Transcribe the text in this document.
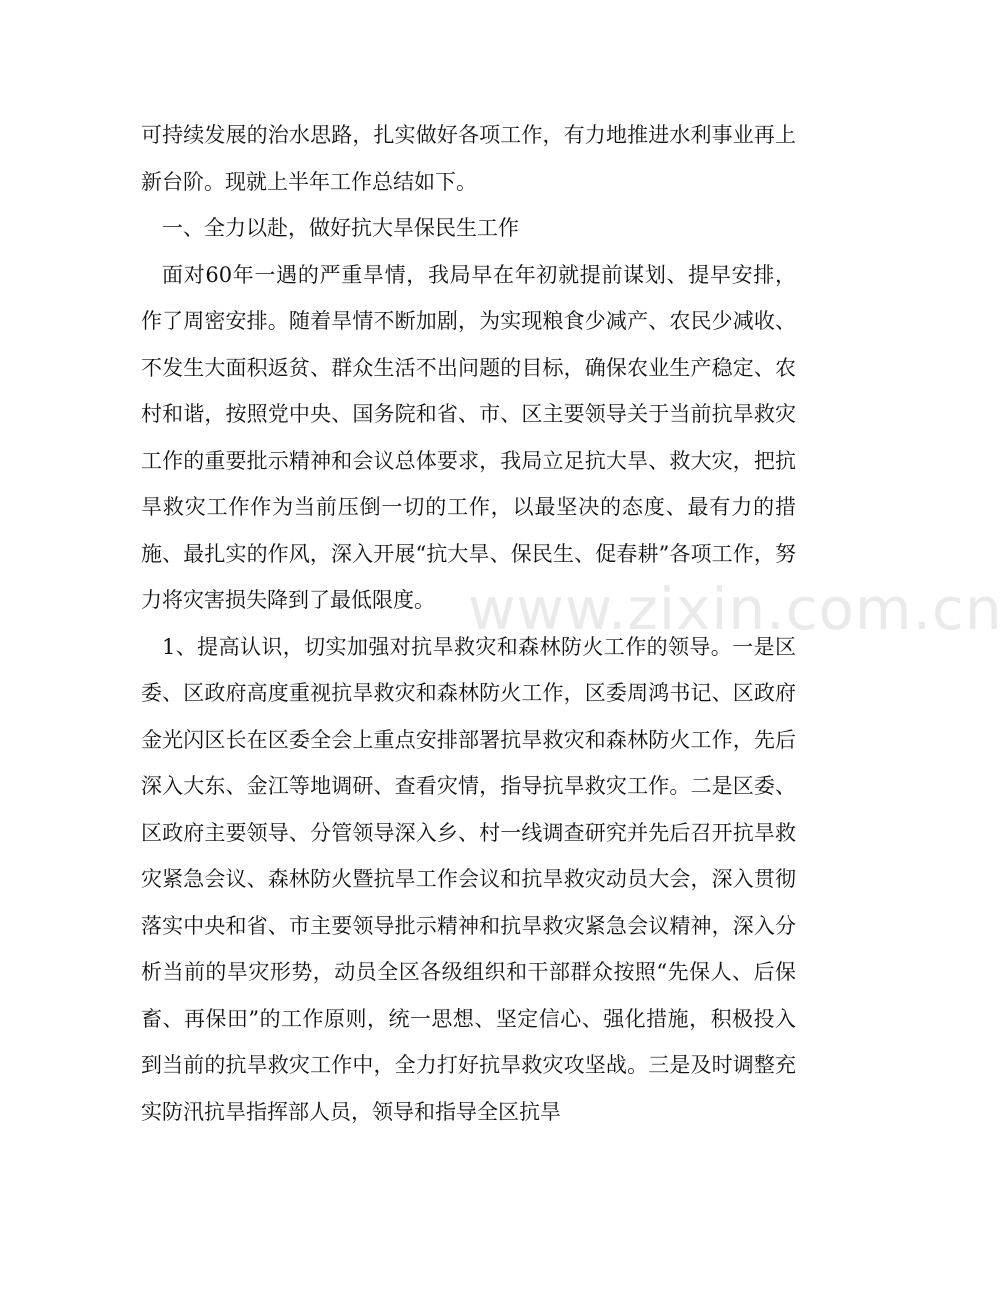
可持续发展的治水思路，扎实做好各项工作，有力地推进水利事业再上新台阶。现就上半年工作总结如下。

一、全力以赴，做好抗大旱保民生工作

面对60年一遇的严重旱情，我局早在年初就提前谋划、提早安排，作了周密安排。随着旱情不断加剧，为实现粮食少减产、农民少减收、不发生大面积返贫、群众生活不出问题的目标，确保农业生产稳定、农村和谐，按照党中央、国务院和省、市、区主要领导关于当前抗旱救灾工作的重要批示精神和会议总体要求，我局立足抗大旱、救大灾，把抗旱救灾工作作为当前压倒一切的工作，以最坚决的态度、最有力的措施、最扎实的作风，深入开展“抗大旱、保民生、促春耕”各项工作，努力将灾害损失降到了最低限度。

1、提高认识，切实加强对抗旱救灾和森林防火工作的领导。一是区委、区政府高度重视抗旱救灾和森林防火工作，区委周鸿书记、区政府金光闪区长在区委全会上重点安排部署抗旱救灾和森林防火工作，先后深入大东、金江等地调研、查看灾情，指导抗旱救灾工作。二是区委、区政府主要领导、分管领导深入乡、村一线调查研究并先后召开抗旱救灾紧急会议、森林防火暨抗旱工作会议和抗旱救灾动员大会，深入贯彻落实中央和省、市主要领导批示精神和抗旱救灾紧急会议精神，深入分析当前的旱灾形势，动员全区各级组织和干部群众按照“先保人、后保畜、再保田”的工作原则，统一思想、坚定信心、强化措施，积极投入到当前的抗旱救灾工作中，全力打好抗旱救灾攻坚战。三是及时调整充实防汛抗旱指挥部人员，领导和指导全区抗旱

www.zixin.com.cn
